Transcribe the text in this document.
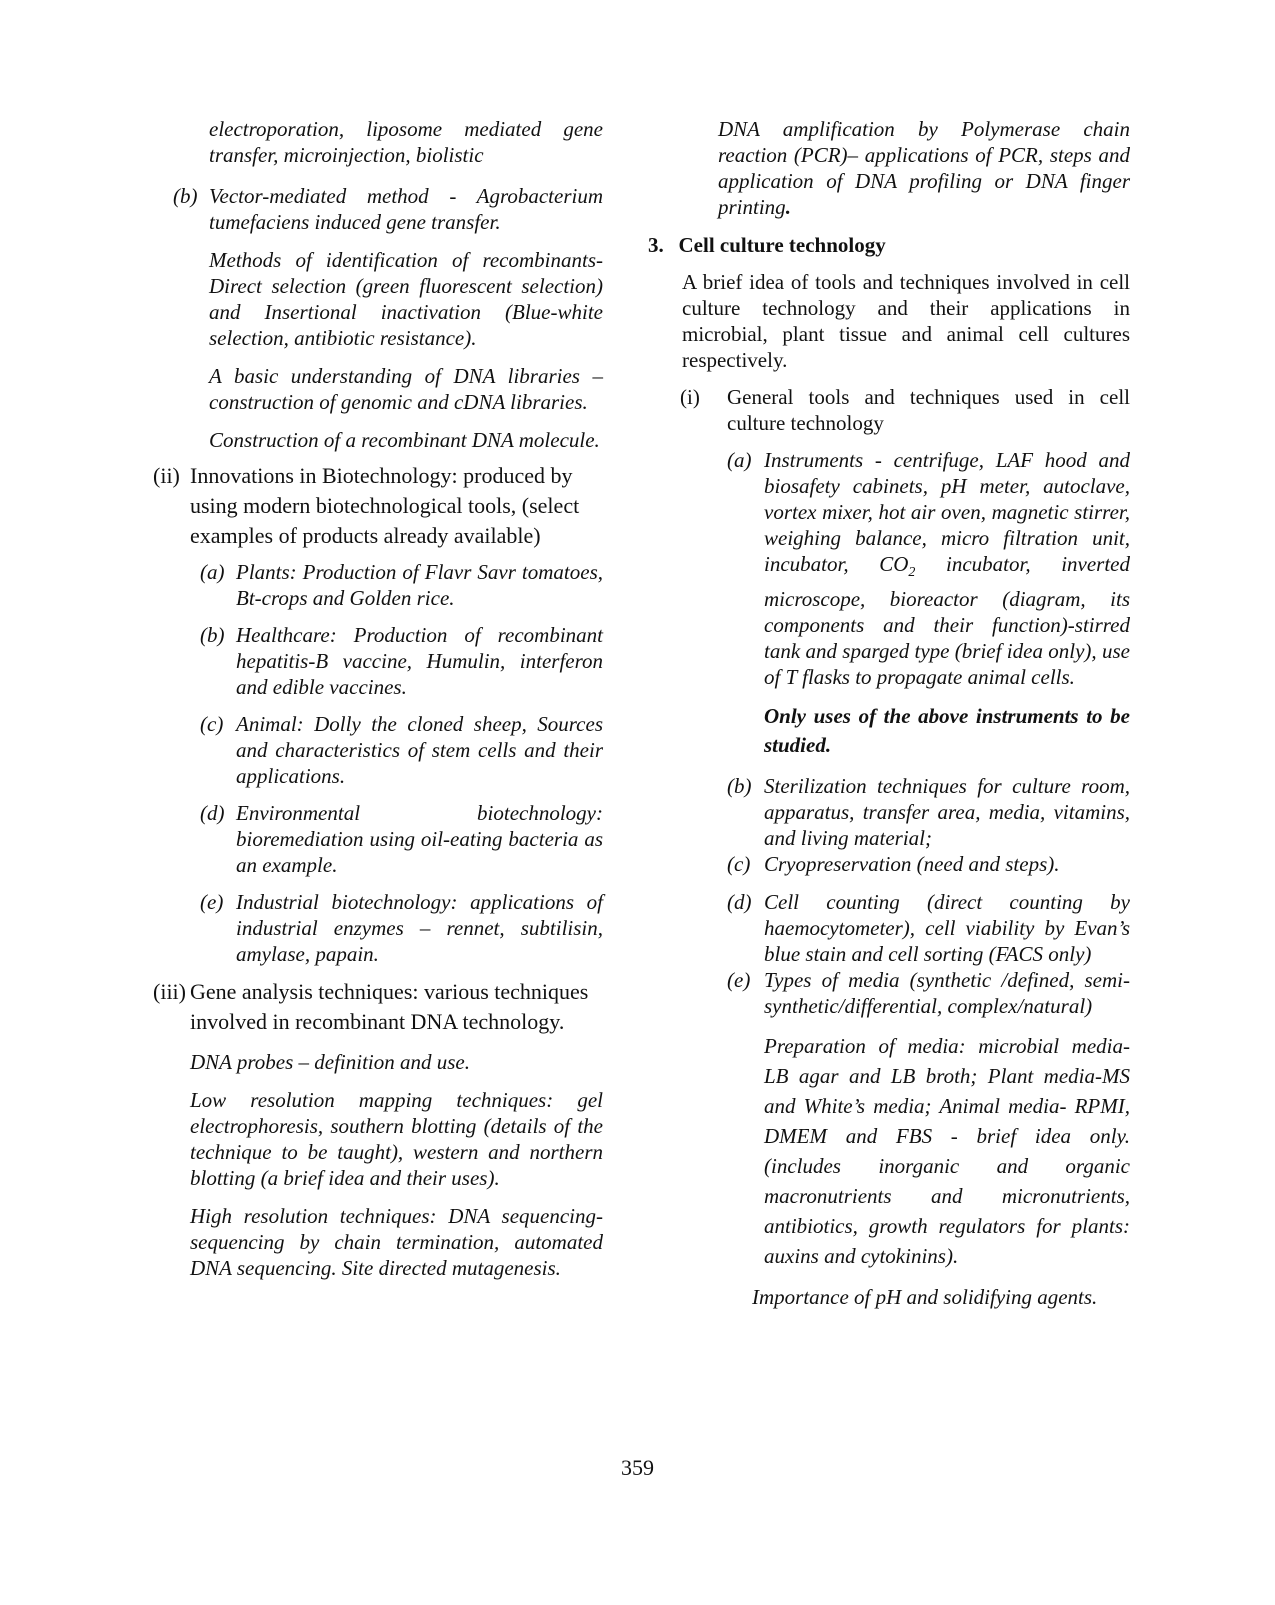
electroporation, liposome mediated gene transfer, microinjection, biolistic

(b) Vector-mediated method - Agrobacterium tumefaciens induced gene transfer.

Methods of identification of recombinants- Direct selection (green fluorescent selection) and Insertional inactivation (Blue-white selection, antibiotic resistance).

A basic understanding of DNA libraries – construction of genomic and cDNA libraries.

Construction of a recombinant DNA molecule.

(ii) Innovations in Biotechnology: produced by using modern biotechnological tools, (select examples of products already available)
(a) Plants: Production of Flavr Savr tomatoes, Bt-crops and Golden rice.
(b) Healthcare: Production of recombinant hepatitis-B vaccine, Humulin, interferon and edible vaccines.
(c) Animal: Dolly the cloned sheep, Sources and characteristics of stem cells and their applications.
(d) Environmental biotechnology: bioremediation using oil-eating bacteria as an example.
(e) Industrial biotechnology: applications of industrial enzymes – rennet, subtilisin, amylase, papain.
(iii) Gene analysis techniques: various techniques involved in recombinant DNA technology.

DNA probes – definition and use.

Low resolution mapping techniques: gel electrophoresis, southern blotting (details of the technique to be taught), western and northern blotting (a brief idea and their uses).

High resolution techniques: DNA sequencing- sequencing by chain termination, automated DNA sequencing. Site directed mutagenesis.

DNA amplification by Polymerase chain reaction (PCR)– applications of PCR, steps and application of DNA profiling or DNA finger printing.

3 . Cell culture technology

A brief idea of tools and techniques involved in cell culture technology and their applications in microbial, plant tissue and animal cell cultures respectively.

(i)	General tools and techniques used in cell culture technology
(a) Instruments - centrifuge, LAF hood and biosafety cabinets, pH meter, autoclave, vortex mixer, hot air oven, magnetic stirrer, weighing balance, micro filtration unit, incubator, $CO_2$ incubator, inverted microscope, bioreactor (diagram, its components and their function)-stirred tank and sparged type (brief idea only), use of T flasks to propagate animal cells.

Only uses of the above instruments to be studied.

(b) Sterilization techniques for culture room, apparatus, transfer area, media, vitamins, and living material;
(c) Cryopreservation (need and steps).
(d) Cell counting (direct counting by haemocytometer), cell viability by Evan’s blue stain and cell sorting (FACS only)
(e) Types of media (synthetic /defined, semi-synthetic/differential, complex/natural)

Preparation of media: microbial media- LB agar and LB broth; Plant media-MS and White’s media; Animal media- RPMI, DMEM and FBS - brief idea only. (includes inorganic and organic macronutrients and micronutrients, antibiotics, growth regulators for plants: auxins and cytokinins).

Importance of pH and solidifying agents.

359
